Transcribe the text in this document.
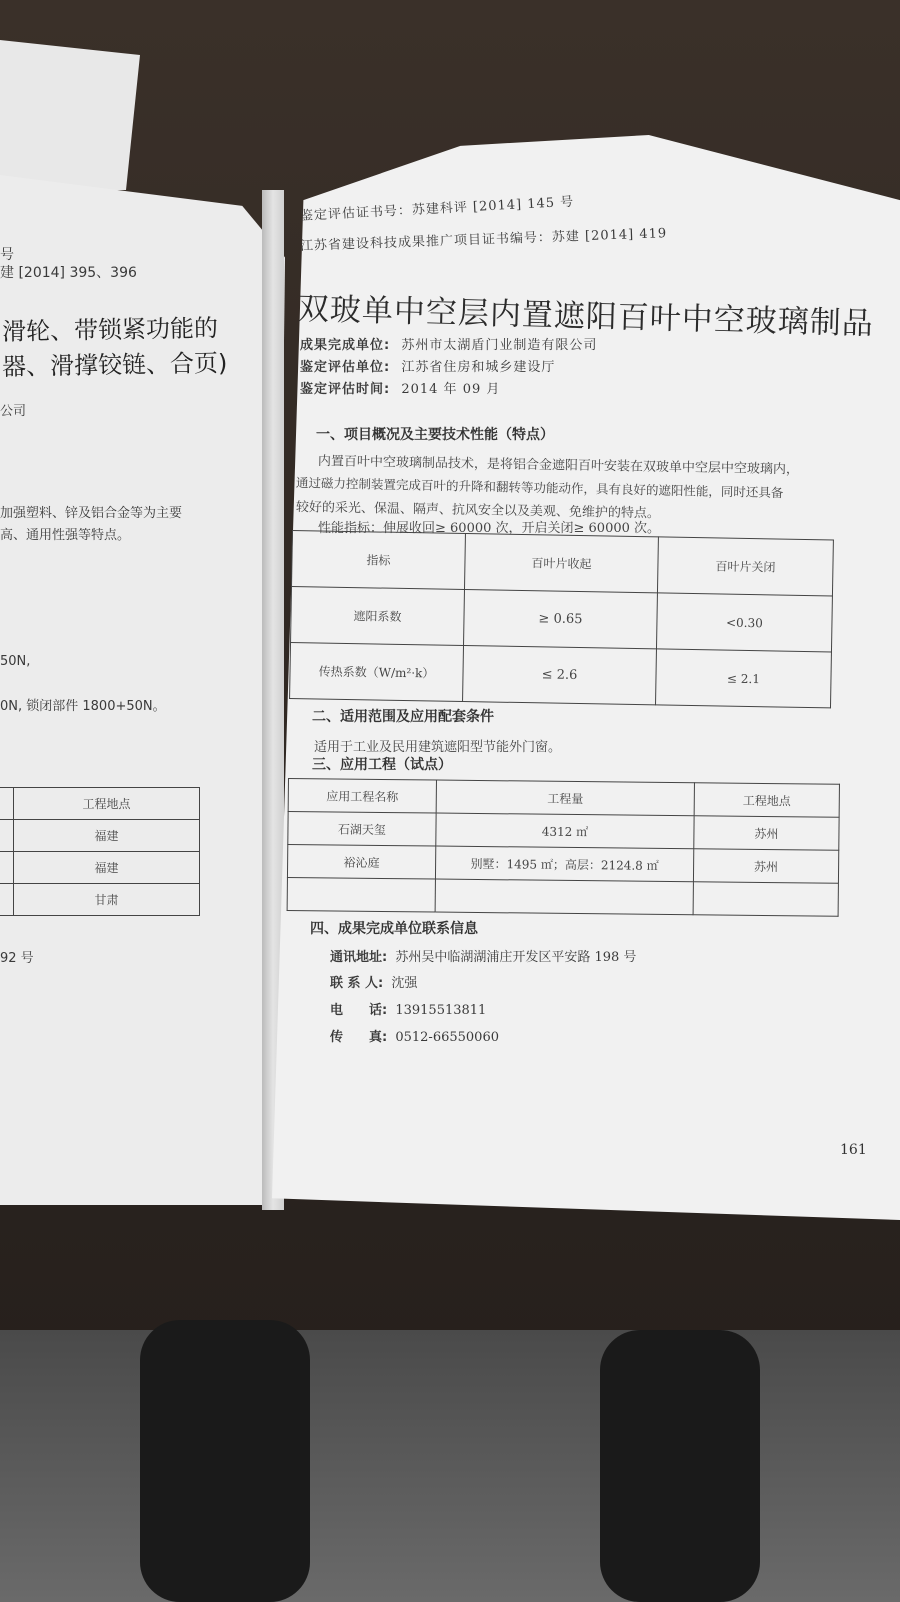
号
建 [2014] 395、396
滑轮、带锁紧功能的
器、滑撑铰链、合页)
公司
加强塑料、锌及铝合金等为主要
高、通用性强等特点。
50N,
0N, 锁闭部件 1800+50N。
	工程地点
	福建
	福建
	甘肃
92 号
鉴定评估证书号：苏建科评 [2014] 145 号
江苏省建设科技成果推广项目证书编号：苏建 [2014] 419
双玻单中空层内置遮阳百叶中空玻璃制品
成果完成单位: 苏州市太湖盾门业制造有限公司
鉴定评估单位: 江苏省住房和城乡建设厅
鉴定评估时间: 2014 年 09 月
一、项目概况及主要技术性能（特点）
内置百叶中空玻璃制品技术，是将铝合金遮阳百叶安装在双玻单中空层中空玻璃内，
通过磁力控制装置完成百叶的升降和翻转等功能动作，具有良好的遮阳性能，同时还具备
较好的采光、保温、隔声、抗风安全以及美观、免维护的特点。
性能指标：伸展收回≥ 60000 次，开启关闭≥ 60000 次。
指标	百叶片收起	百叶片关闭
遮阳系数	≥ 0.65	<0.30
传热系数（W/m²·k）	≤ 2.6	≤ 2.1
二、适用范围及应用配套条件
适用于工业及民用建筑遮阳型节能外门窗。
三、应用工程（试点）
应用工程名称	工程量	工程地点
石湖天玺	4312 ㎡	苏州
裕沁庭	别墅：1495 ㎡；高层：2124.8 ㎡	苏州

四、成果完成单位联系信息
通讯地址: 苏州吴中临湖湖浦庄开发区平安路 198 号
联 系 人: 沈强
电　　话: 13915513811
传　　真: 0512-66550060
161
